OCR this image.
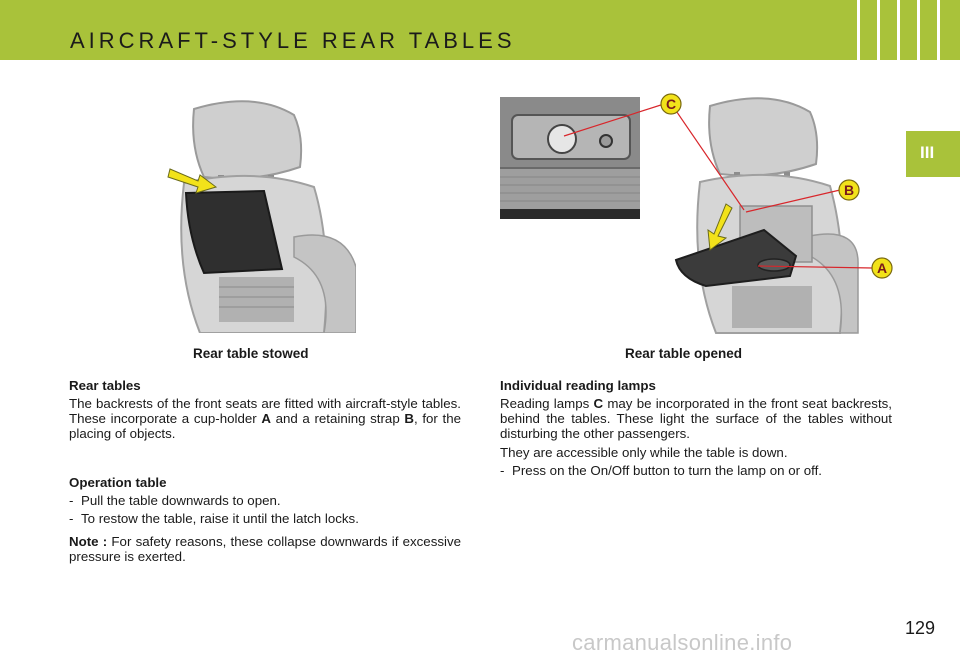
AIRCRAFT-STYLE REAR TABLES
III
C
B
A
Rear table stowed	Rear table opened

Rear tables

The backrests of the front seats are fitted with aircraft-style tables. These incorporate a cup-holder A and a retaining strap B, for the placing of objects.

Operation table

- Pull the table downwards to open.

- To restow the table, raise it until the latch locks.

Note : For safety reasons, these collapse downwards if excessive pressure is exerted.

Individual reading lamps

Reading lamps C may be incorporated in the front seat backrests, behind the tables. These light the surface of the tables without disturbing the other passengers.

They are accessible only while the table is down.

- Press on the On/Off button to turn the lamp on or off.

129
carmanualsonline.info
